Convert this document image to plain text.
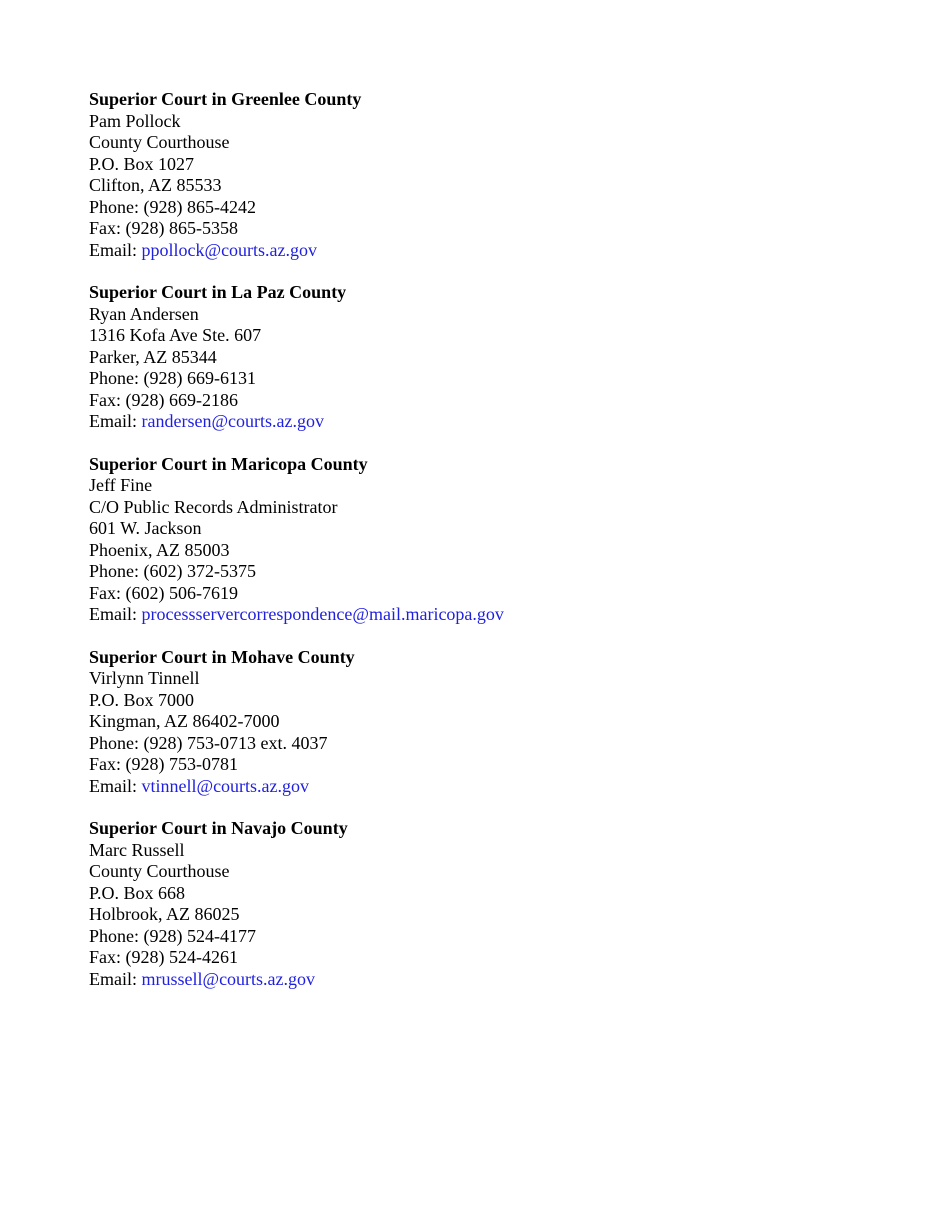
Superior Court in Greenlee County
Pam Pollock
County Courthouse
P.O. Box 1027
Clifton, AZ 85533
Phone: (928) 865-4242
Fax: (928) 865-5358
Email: ppollock@courts.az.gov
Superior Court in La Paz County
Ryan Andersen
1316 Kofa Ave Ste. 607
Parker, AZ 85344
Phone: (928) 669-6131
Fax: (928) 669-2186
Email: randersen@courts.az.gov
Superior Court in Maricopa County
Jeff Fine
C/O Public Records Administrator
601 W. Jackson
Phoenix, AZ 85003
Phone: (602) 372-5375
Fax: (602) 506-7619
Email: processservercorrespondence@mail.maricopa.gov
Superior Court in Mohave County
Virlynn Tinnell
P.O. Box 7000
Kingman, AZ 86402-7000
Phone: (928) 753-0713 ext. 4037
Fax: (928) 753-0781
Email: vtinnell@courts.az.gov
Superior Court in Navajo County
Marc Russell
County Courthouse
P.O. Box 668
Holbrook, AZ 86025
Phone: (928) 524-4177
Fax: (928) 524-4261
Email: mrussell@courts.az.gov
